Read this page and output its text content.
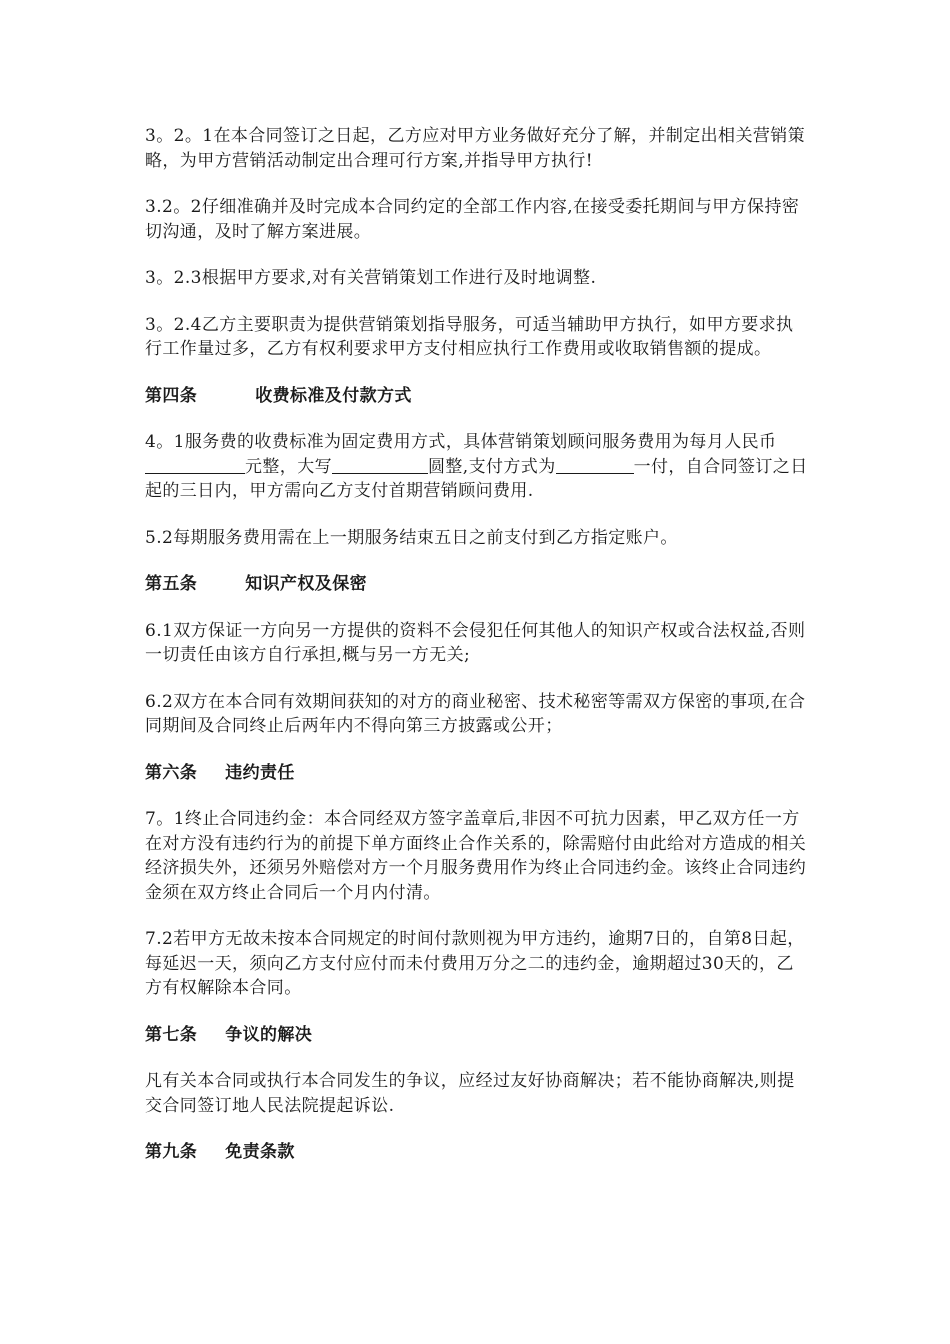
3。2。1在本合同签订之日起，乙方应对甲方业务做好充分了解，并制定出相关营销策略，为甲方营销活动制定出合理可行方案,并指导甲方执行!

3.2。2仔细准确并及时完成本合同约定的全部工作内容,在接受委托期间与甲方保持密切沟通，及时了解方案进展。

3。2.3根据甲方要求,对有关营销策划工作进行及时地调整.

3。2.4乙方主要职责为提供营销策划指导服务，可适当辅助甲方执行，如甲方要求执行工作量过多，乙方有权利要求甲方支付相应执行工作费用或收取销售额的提成。

第四条	收费标准及付款方式

4。1服务费的收费标准为固定费用方式，具体营销策划顾问服务费用为每月人民币元整，大写	圆整,支付方式为	一付，自合同签订之日起的三日内，甲方需向乙方支付首期营销顾问费用.

5.2每期服务费用需在上一期服务结束五日之前支付到乙方指定账户。

第五条	知识产权及保密

6.1双方保证一方向另一方提供的资料不会侵犯任何其他人的知识产权或合法权益,否则一切责任由该方自行承担,概与另一方无关;

6.2双方在本合同有效期间获知的对方的商业秘密、技术秘密等需双方保密的事项,在合同期间及合同终止后两年内不得向第三方披露或公开；

第六条 违约责任

7。1终止合同违约金：本合同经双方签字盖章后,非因不可抗力因素，甲乙双方任一方在对方没有违约行为的前提下单方面终止合作关系的，除需赔付由此给对方造成的相关经济损失外，还须另外赔偿对方一个月服务费用作为终止合同违约金。该终止合同违约金须在双方终止合同后一个月内付清。

7.2若甲方无故未按本合同规定的时间付款则视为甲方违约，逾期7日的，自第8日起，每延迟一天，须向乙方支付应付而未付费用万分之二的违约金，逾期超过30天的，乙方有权解除本合同。

第七条 争议的解决

凡有关本合同或执行本合同发生的争议，应经过友好协商解决；若不能协商解决,则提交合同签订地人民法院提起诉讼.

第九条 免责条款
